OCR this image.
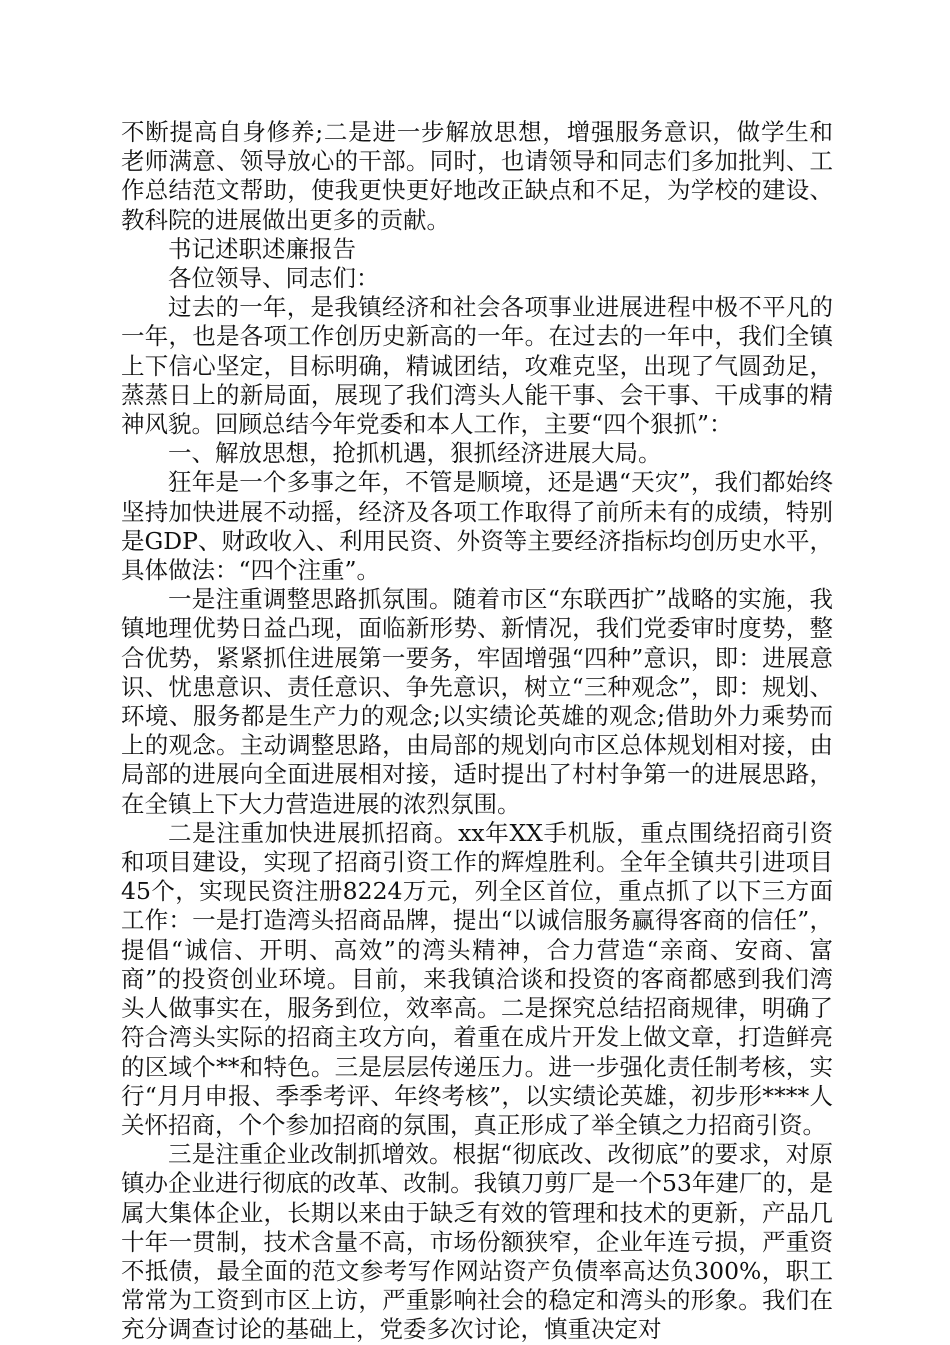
不断提高自身修养;二是进一步解放思想，增强服务意识，做学生和老师满意、领导放心的干部。同时，也请领导和同志们多加批判、工作总结范文帮助，使我更快更好地改正缺点和不足，为学校的建设、教科院的进展做出更多的贡献。

书记述职述廉报告

各位领导、同志们：

过去的一年，是我镇经济和社会各项事业进展进程中极不平凡的一年，也是各项工作创历史新高的一年。在过去的一年中，我们全镇上下信心坚定，目标明确，精诚团结，攻难克坚，出现了气圆劲足，蒸蒸日上的新局面，展现了我们湾头人能干事、会干事、干成事的精神风貌。回顾总结今年党委和本人工作，主要“四个狠抓”：

一、解放思想，抢抓机遇，狠抓经济进展大局。

狂年是一个多事之年，不管是顺境，还是遇“天灾”，我们都始终坚持加快进展不动摇，经济及各项工作取得了前所未有的成绩，特别是GDP、财政收入、利用民资、外资等主要经济指标均创历史水平，具体做法：“四个注重”。

一是注重调整思路抓氛围。随着市区“东联西扩”战略的实施，我镇地理优势日益凸现，面临新形势、新情况，我们党委审时度势，整合优势，紧紧抓住进展第一要务，牢固增强“四种”意识，即：进展意识、忧患意识、责任意识、争先意识，树立“三种观念”，即：规划、环境、服务都是生产力的观念;以实绩论英雄的观念;借助外力乘势而上的观念。主动调整思路，由局部的规划向市区总体规划相对接，由局部的进展向全面进展相对接，适时提出了村村争第一的进展思路，在全镇上下大力营造进展的浓烈氛围。

二是注重加快进展抓招商。xx年XX手机版，重点围绕招商引资和项目建设，实现了招商引资工作的辉煌胜利。全年全镇共引进项目45个，实现民资注册8224万元，列全区首位，重点抓了以下三方面工作：一是打造湾头招商品牌，提出“以诚信服务赢得客商的信任”，提倡“诚信、开明、高效”的湾头精神，合力营造“亲商、安商、富商”的投资创业环境。目前，来我镇洽谈和投资的客商都感到我们湾头人做事实在，服务到位，效率高。二是探究总结招商规律，明确了符合湾头实际的招商主攻方向，着重在成片开发上做文章，打造鲜亮的区域个**和特色。三是层层传递压力。进一步强化责任制考核，实行“月月申报、季季考评、年终考核”，以实绩论英雄，初步形****人关怀招商，个个参加招商的氛围，真正形成了举全镇之力招商引资。

三是注重企业改制抓增效。根据“彻底改、改彻底”的要求，对原镇办企业进行彻底的改革、改制。我镇刀剪厂是一个53年建厂的，是属大集体企业，长期以来由于缺乏有效的管理和技术的更新，产品几十年一贯制，技术含量不高，市场份额狭窄，企业年连亏损，严重资不抵债，最全面的范文参考写作网站资产负债率高达负300%，职工常常为工资到市区上访，严重影响社会的稳定和湾头的形象。我们在充分调查讨论的基础上，党委多次讨论，慎重决定对
